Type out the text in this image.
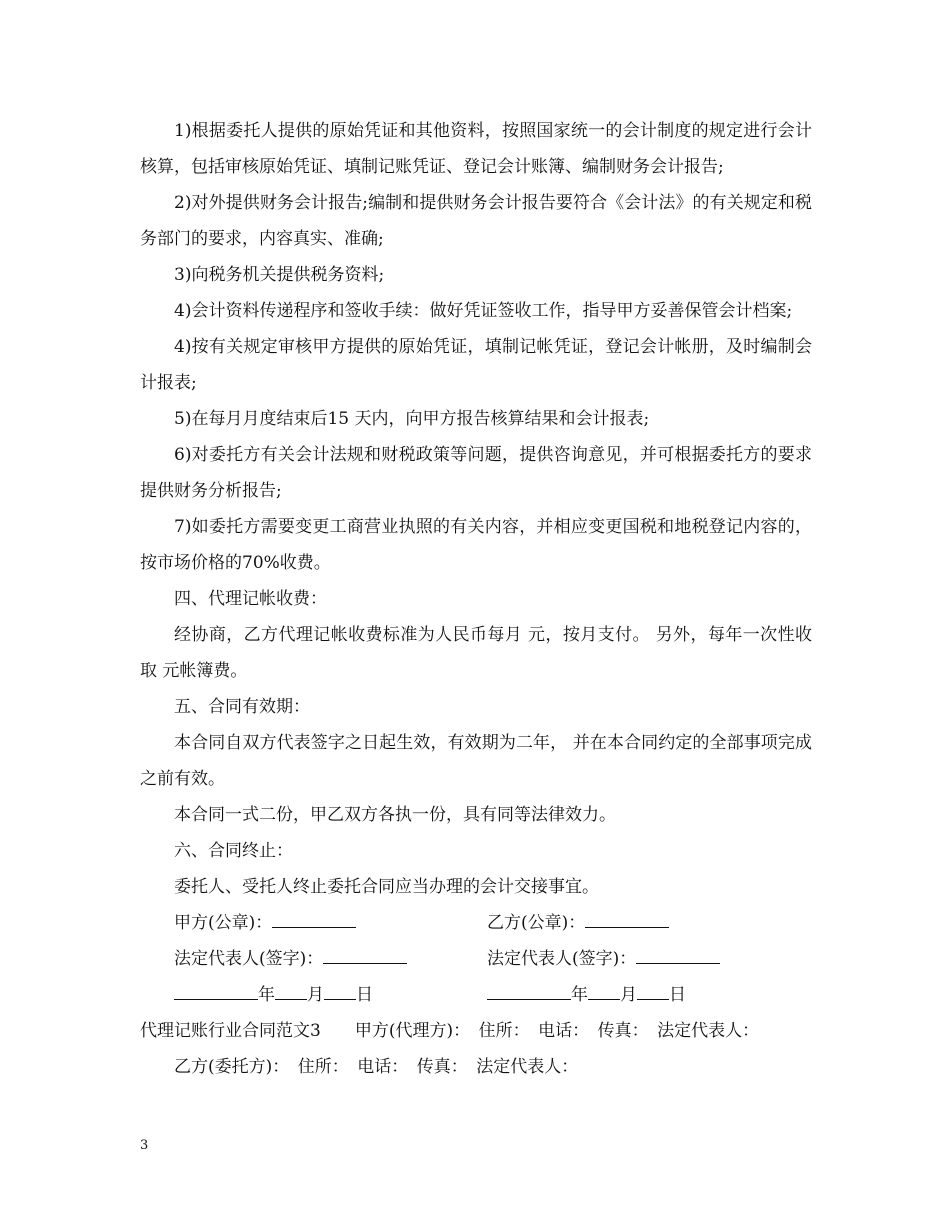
1)根据委托人提供的原始凭证和其他资料，按照国家统一的会计制度的规定进行会计核算，包括审核原始凭证、填制记账凭证、登记会计账簿、编制财务会计报告;

2)对外提供财务会计报告;编制和提供财务会计报告要符合《会计法》的有关规定和税务部门的要求，内容真实、准确;

3)向税务机关提供税务资料;

4)会计资料传递程序和签收手续：做好凭证签收工作，指导甲方妥善保管会计档案;

4)按有关规定审核甲方提供的原始凭证，填制记帐凭证，登记会计帐册，及时编制会计报表;

5)在每月月度结束后15 天内，向甲方报告核算结果和会计报表;

6)对委托方有关会计法规和财税政策等问题，提供咨询意见，并可根据委托方的要求提供财务分析报告;

7)如委托方需要变更工商营业执照的有关内容，并相应变更国税和地税登记内容的，按市场价格的70%收费。

四、代理记帐收费：

经协商，乙方代理记帐收费标准为人民币每月 元，按月支付。 另外，每年一次性收取 元帐簿费。

五、合同有效期：

本合同自双方代表签字之日起生效，有效期为二年， 并在本合同约定的全部事项完成之前有效。

本合同一式二份，甲乙双方各执一份，具有同等法律效力。

六、合同终止：

委托人、受托人终止委托合同应当办理的会计交接事宜。

甲方(公章)：	乙方(公章)：
法定代表人(签字)：	法定代表人(签字)：
年 月 日	年 月 日

代理记账行业合同范文3　　甲方(代理方)：　住所：　电话：　传真：　法定代表人：

乙方(委托方)：　住所：　电话：　传真：　法定代表人：

3
